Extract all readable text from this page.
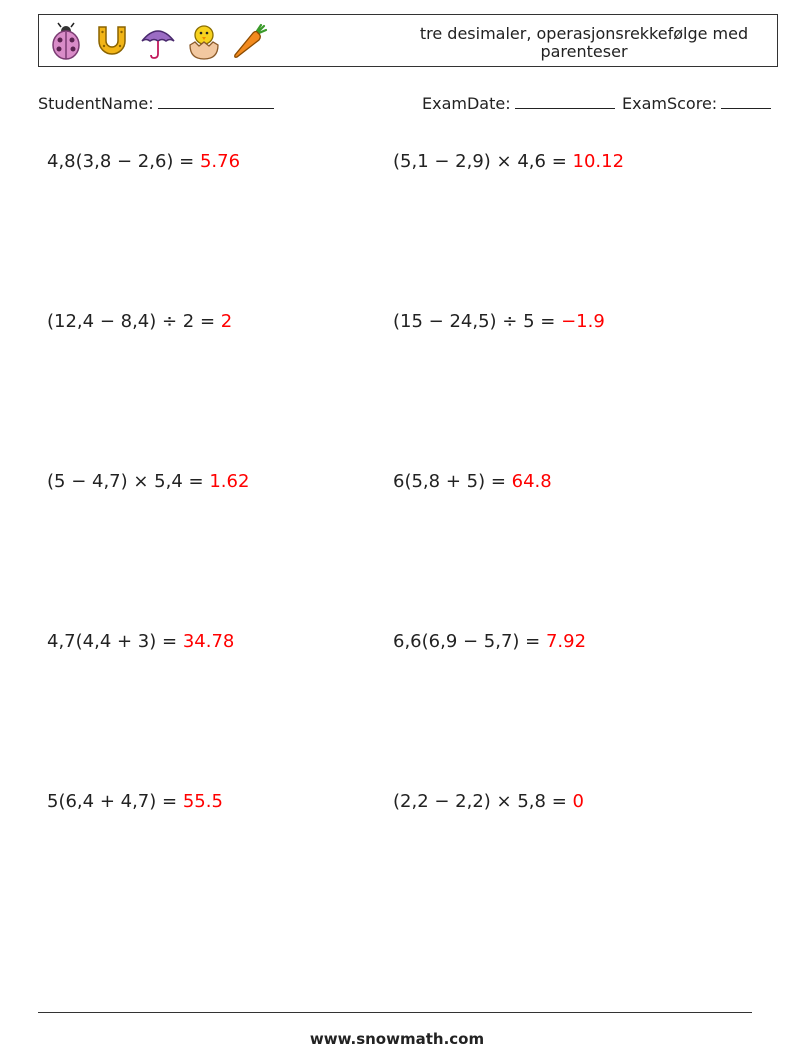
tre desimaler, operasjonsrekkefølge med parenteser
StudentName:	ExamDate:	ExamScore:
4,8(3,8 − 2,6) = 5.76	(5,1 − 2,9) × 4,6 = 10.12
(12,4 − 8,4) ÷ 2 = 2	(15 − 24,5) ÷ 5 = −1.9
(5 − 4,7) × 5,4 = 1.62	6(5,8 + 5) = 64.8
4,7(4,4 + 3) = 34.78	6,6(6,9 − 5,7) = 7.92
5(6,4 + 4,7) = 55.5	(2,2 − 2,2) × 5,8 = 0
www.snowmath.com
